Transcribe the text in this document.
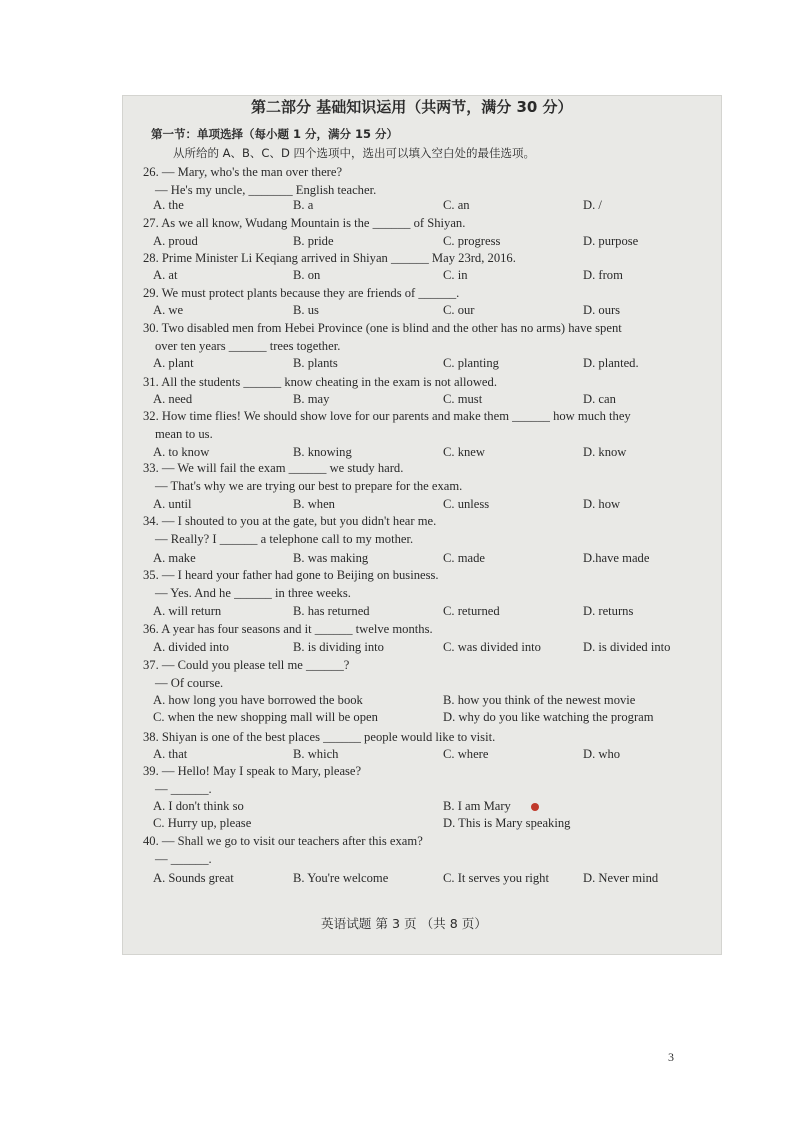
第二部分 基础知识运用（共两节，满分 30 分）
第一节：单项选择（每小题 1 分，满分 15 分）
从所给的 A、B、C、D 四个选项中，选出可以填入空白处的最佳选项。
26. — Mary, who's the man over there?
— He's my uncle, _______ English teacher.
A. the	B. a	C. an	D. /
27. As we all know, Wudang Mountain is the ______ of Shiyan.
A. proud	B. pride	C. progress	D. purpose
28. Prime Minister Li Keqiang arrived in Shiyan ______ May 23rd, 2016.
A. at	B. on	C. in	D. from
29. We must protect plants because they are friends of ______.
A. we	B. us	C. our	D. ours
30. Two disabled men from Hebei Province (one is blind and the other has no arms) have spent
over ten years ______ trees together.
A. plant	B. plants	C. planting	D. planted.
31. All the students ______ know cheating in the exam is not allowed.
A. need	B. may	C. must	D. can
32. How time flies! We should show love for our parents and make them ______ how much they
mean to us.
A. to know	B. knowing	C. knew	D. know
33. — We will fail the exam ______ we study hard.
— That's why we are trying our best to prepare for the exam.
A. until	B. when	C. unless	D. how
34. — I shouted to you at the gate, but you didn't hear me.
— Really? I ______ a telephone call to my mother.
A. make	B. was making	C. made	D.have made
35. — I heard your father had gone to Beijing on business.
— Yes. And he ______ in three weeks.
A. will return	B. has returned	C. returned	D. returns
36. A year has four seasons and it ______ twelve months.
A. divided into	B. is dividing into	C. was divided into	D. is divided into
37. — Could you please tell me ______?
— Of course.
A. how long you have borrowed the book	B. how you think of the newest movie
C. when the new shopping mall will be open	D. why do you like watching the program
38. Shiyan is one of the best places ______ people would like to visit.
A. that	B. which	C. where	D. who
39. — Hello! May I speak to Mary, please?
— ______.
A. I don't think so	B. I am Mary
C. Hurry up, please	D. This is Mary speaking
40. — Shall we go to visit our teachers after this exam?
— ______.
A. Sounds great	B. You're welcome	C. It serves you right	D. Never mind
英语试题 第 3 页 （共 8 页）
3
